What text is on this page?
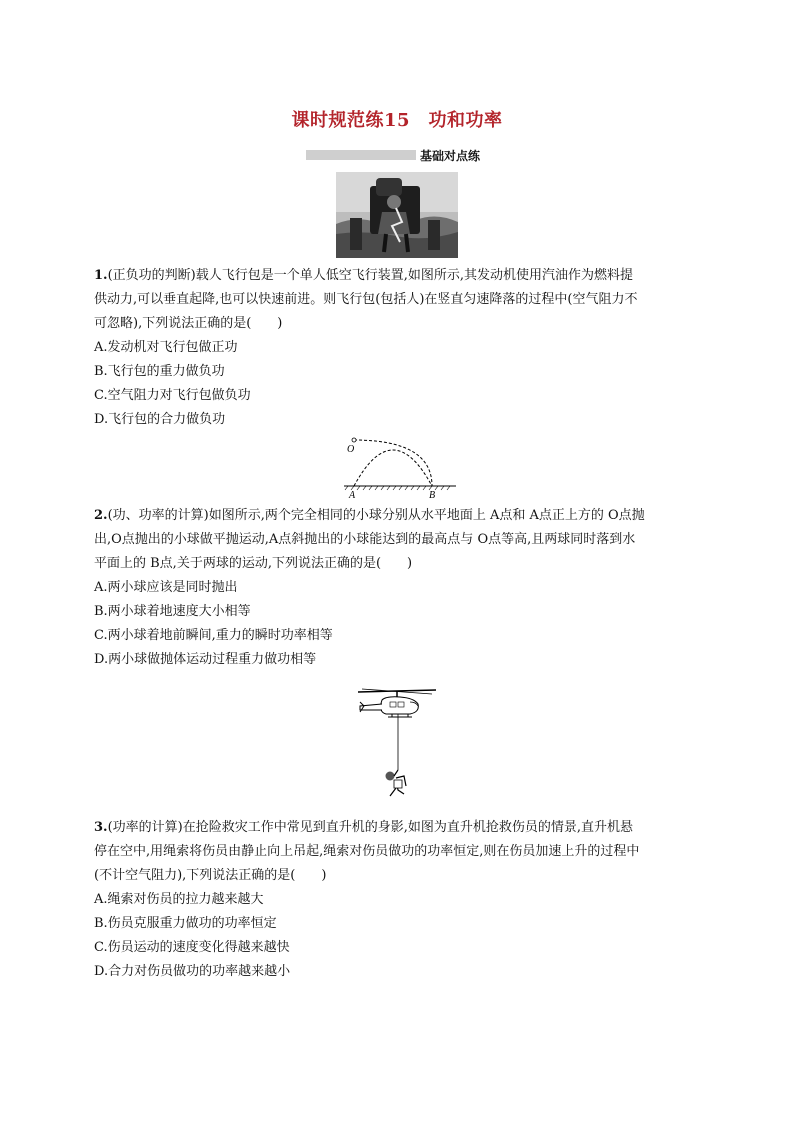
课时规范练15　功和功率
基础对点练

1.(正负功的判断)载人飞行包是一个单人低空飞行装置,如图所示,其发动机使用汽油作为燃料提

供动力,可以垂直起降,也可以快速前进。则飞行包(包括人)在竖直匀速降落的过程中(空气阻力不

可忽略),下列说法正确的是(　　)

A.发动机对飞行包做正功

B.飞行包的重力做负功

C.空气阻力对飞行包做负功

D.飞行包的合力做负功

O
A	B

2.(功、功率的计算)如图所示,两个完全相同的小球分别从水平地面上 A点和 A点正上方的 O点抛

出,O点抛出的小球做平抛运动,A点斜抛出的小球能达到的最高点与 O点等高,且两球同时落到水

平面上的 B点,关于两球的运动,下列说法正确的是(　　)

A.两小球应该是同时抛出

B.两小球着地速度大小相等

C.两小球着地前瞬间,重力的瞬时功率相等

D.两小球做抛体运动过程重力做功相等

3.(功率的计算)在抢险救灾工作中常见到直升机的身影,如图为直升机抢救伤员的情景,直升机悬

停在空中,用绳索将伤员由静止向上吊起,绳索对伤员做功的功率恒定,则在伤员加速上升的过程中

(不计空气阻力),下列说法正确的是(　　)

A.绳索对伤员的拉力越来越大

B.伤员克服重力做功的功率恒定

C.伤员运动的速度变化得越来越快

D.合力对伤员做功的功率越来越小
